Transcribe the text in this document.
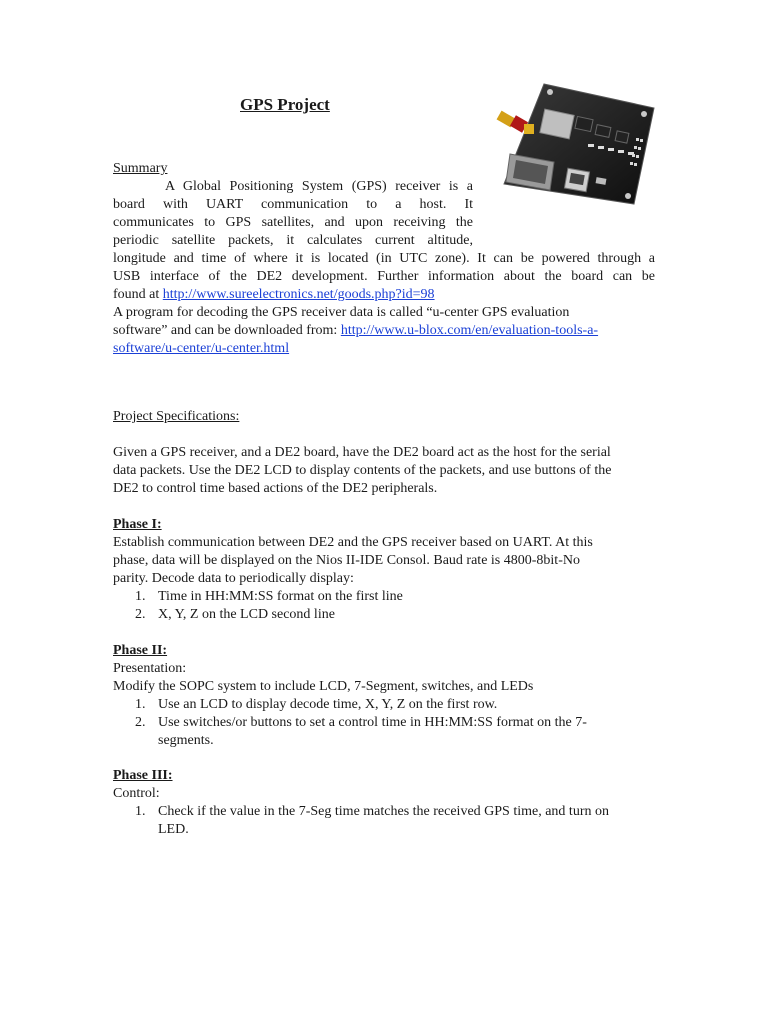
GPS Project
Summary
A Global Positioning System (GPS) receiver is a
board with UART communication to a host. It
communicates to GPS satellites, and upon receiving the
periodic satellite packets, it calculates current altitude,
longitude and time of where it is located (in UTC zone). It can be powered through a
USB interface of the DE2 development. Further information about the board can be
found at http://www.sureelectronics.net/goods.php?id=98
A program for decoding the GPS receiver data is called “u-center GPS evaluation
software” and can be downloaded from: http://www.u-blox.com/en/evaluation-tools-a-
software/u-center/u-center.html
Project Specifications:
Given a GPS receiver, and a DE2 board, have the DE2 board act as the host for the serial
data packets. Use the DE2 LCD to display contents of the packets, and use buttons of the
DE2 to control time based actions of the DE2 peripherals.
Phase I:
Establish communication between DE2 and the GPS receiver based on UART. At this
phase, data will be displayed on the Nios II-IDE Consol. Baud rate is 4800-8bit-No
parity. Decode data to periodically display:
1. Time in HH:MM:SS format on the first line
2. X, Y, Z on the LCD second line
Phase II:
Presentation:
Modify the SOPC system to include LCD, 7-Segment, switches, and LEDs
1. Use an LCD to display decode time, X, Y, Z on the first row.
2. Use switches/or buttons to set a control time in HH:MM:SS format on the 7-
segments.
Phase III:
Control:
1. Check if the value in the 7-Seg time matches the received GPS time, and turn on
LED.
